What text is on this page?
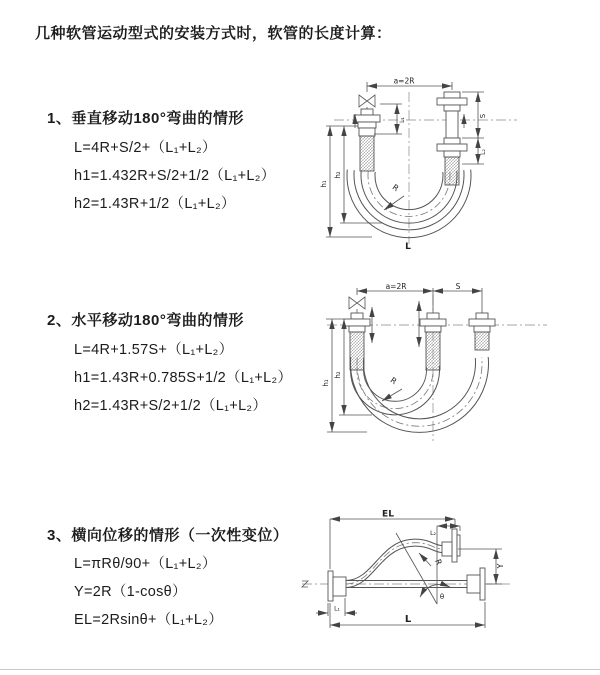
几种软管运动型式的安装方式时，软管的长度计算：
1、垂直移动180°弯曲的情形
L=4R+S/2+（L₁+L₂）
h1=1.432R+S/2+1/2（L₁+L₂）
h2=1.43R+1/2（L₁+L₂）
2、水平移动180°弯曲的情形
L=4R+1.57S+（L₁+L₂）
h1=1.43R+0.785S+1/2（L₁+L₂）
h2=1.43R+S/2+1/2（L₁+L₂）
3、横向位移的情形（一次性变位）
L=πRθ/90+（L₁+L₂）
Y=2R（1-cosθ）
EL=2Rsinθ+（L₁+L₂）
a=2R
h₁
h₂
L₁
S
L₂
R
L
a=2R	S
h₁
h₂
R
EL
L₂
θ
R	Y
L
L₁
